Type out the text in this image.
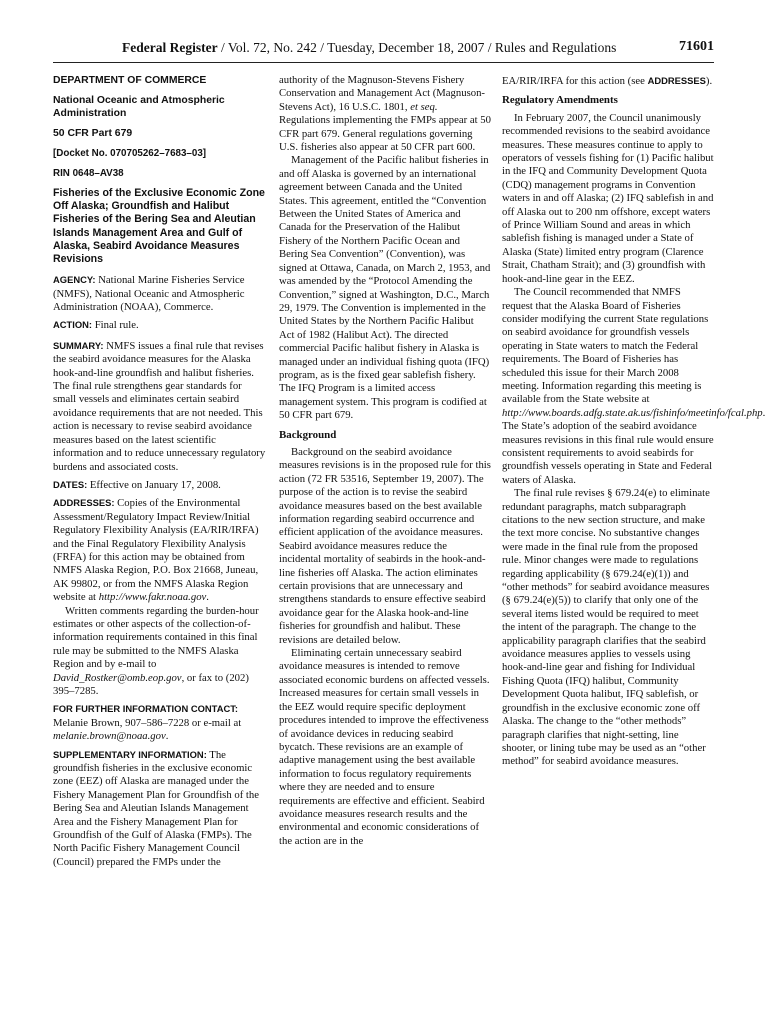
Federal Register / Vol. 72, No. 242 / Tuesday, December 18, 2007 / Rules and Regulations	71601
DEPARTMENT OF COMMERCE
National Oceanic and Atmospheric Administration
50 CFR Part 679
[Docket No. 070705262–7683–03]
RIN 0648–AV38
Fisheries of the Exclusive Economic Zone Off Alaska; Groundfish and Halibut Fisheries of the Bering Sea and Aleutian Islands Management Area and Gulf of Alaska, Seabird Avoidance Measures Revisions

AGENCY: National Marine Fisheries Service (NMFS), National Oceanic and Atmospheric Administration (NOAA), Commerce.

ACTION: Final rule.

SUMMARY: NMFS issues a final rule that revises the seabird avoidance measures for the Alaska hook-and-line groundfish and halibut fisheries. The final rule strengthens gear standards for small vessels and eliminates certain seabird avoidance requirements that are not needed. This action is necessary to revise seabird avoidance measures based on the latest scientific information and to reduce unnecessary regulatory burdens and associated costs.

DATES: Effective on January 17, 2008.

ADDRESSES: Copies of the Environmental Assessment/Regulatory Impact Review/Initial Regulatory Flexibility Analysis (EA/RIR/IRFA) and the Final Regulatory Flexibility Analysis (FRFA) for this action may be obtained from NMFS Alaska Region, P.O. Box 21668, Juneau, AK 99802, or from the NMFS Alaska Region website at http://www.fakr.noaa.gov.

Written comments regarding the burden-hour estimates or other aspects of the collection-of-information requirements contained in this final rule may be submitted to the NMFS Alaska Region and by e-mail to David_Rostker@omb.eop.gov, or fax to (202) 395–7285.

FOR FURTHER INFORMATION CONTACT:

Melanie Brown, 907–586–7228 or e-mail at melanie.brown@noaa.gov.

SUPPLEMENTARY INFORMATION: The groundfish fisheries in the exclusive economic zone (EEZ) off Alaska are managed under the Fishery Management Plan for Groundfish of the Bering Sea and Aleutian Islands Management Area and the Fishery Management Plan for Groundfish of the Gulf of Alaska (FMPs). The North Pacific Fishery Management Council (Council) prepared the FMPs under the

authority of the Magnuson-Stevens Fishery Conservation and Management Act (Magnuson-Stevens Act), 16 U.S.C. 1801, et seq. Regulations implementing the FMPs appear at 50 CFR part 679. General regulations governing U.S. fisheries also appear at 50 CFR part 600.

Management of the Pacific halibut fisheries in and off Alaska is governed by an international agreement between Canada and the United States. This agreement, entitled the “Convention Between the United States of America and Canada for the Preservation of the Halibut Fishery of the Northern Pacific Ocean and Bering Sea Convention” (Convention), was signed at Ottawa, Canada, on March 2, 1953, and was amended by the “Protocol Amending the Convention,” signed at Washington, D.C., March 29, 1979. The Convention is implemented in the United States by the Northern Pacific Halibut Act of 1982 (Halibut Act). The directed commercial Pacific halibut fishery in Alaska is managed under an individual fishing quota (IFQ) program, as is the fixed gear sablefish fishery. The IFQ Program is a limited access management system. This program is codified at 50 CFR part 679.

Background

Background on the seabird avoidance measures revisions is in the proposed rule for this action (72 FR 53516, September 19, 2007). The purpose of the action is to revise the seabird avoidance measures based on the best available information regarding seabird occurrence and efficient application of the avoidance measures. Seabird avoidance measures reduce the incidental mortality of seabirds in the hook-and-line fisheries off Alaska. The action eliminates certain provisions that are unnecessary and strengthens standards to ensure effective seabird avoidance gear for the Alaska hook-and-line fisheries for groundfish and halibut. These revisions are detailed below.

Eliminating certain unnecessary seabird avoidance measures is intended to remove associated economic burdens on affected vessels. Increased measures for certain small vessels in the EEZ would require specific deployment procedures intended to improve the effectiveness of avoidance devices in reducing seabird bycatch. These revisions are an example of adaptive management using the best available information to focus regulatory requirements where they are needed and to ensure requirements are effective and efficient. Seabird avoidance measures research results and the environmental and economic considerations of the action are in the

EA/RIR/IRFA for this action (see ADDRESSES).

Regulatory Amendments

In February 2007, the Council unanimously recommended revisions to the seabird avoidance measures. These measures continue to apply to operators of vessels fishing for (1) Pacific halibut in the IFQ and Community Development Quota (CDQ) management programs in Convention waters in and off Alaska; (2) IFQ sablefish in and off Alaska out to 200 nm offshore, except waters of Prince William Sound and areas in which sablefish fishing is managed under a State of Alaska (State) limited entry program (Clarence Strait, Chatham Strait); and (3) groundfish with hook-and-line gear in the EEZ.

The Council recommended that NMFS request that the Alaska Board of Fisheries consider modifying the current State regulations on seabird avoidance for groundfish vessels operating in State waters to match the Federal requirements. The Board of Fisheries has scheduled this issue for their March 2008 meeting. Information regarding this meeting is available from the State website at http://www.boards.adfg.state.ak.us/fishinfo/meetinfo/fcal.php. The State’s adoption of the seabird avoidance measures revisions in this final rule would ensure consistent requirements to avoid seabirds for groundfish vessels operating in State and Federal waters of Alaska.

The final rule revises § 679.24(e) to eliminate redundant paragraphs, match subparagraph citations to the new section structure, and make the text more concise. No substantive changes were made in the final rule from the proposed rule. Minor changes were made to regulations regarding applicability (§ 679.24(e)(1)) and “other methods” for seabird avoidance measures (§ 679.24(e)(5)) to clarify that only one of the several items listed would be required to meet the intent of the paragraph. The change to the applicability paragraph clarifies that the seabird avoidance measures applies to vessels using hook-and-line gear and fishing for Individual Fishing Quota (IFQ) halibut, Community Development Quota halibut, IFQ sablefish, or groundfish in the exclusive economic zone off Alaska. The change to the “other methods” paragraph clarifies that night-setting, line shooter, or lining tube may be used as an “other method” for seabird avoidance measures.
